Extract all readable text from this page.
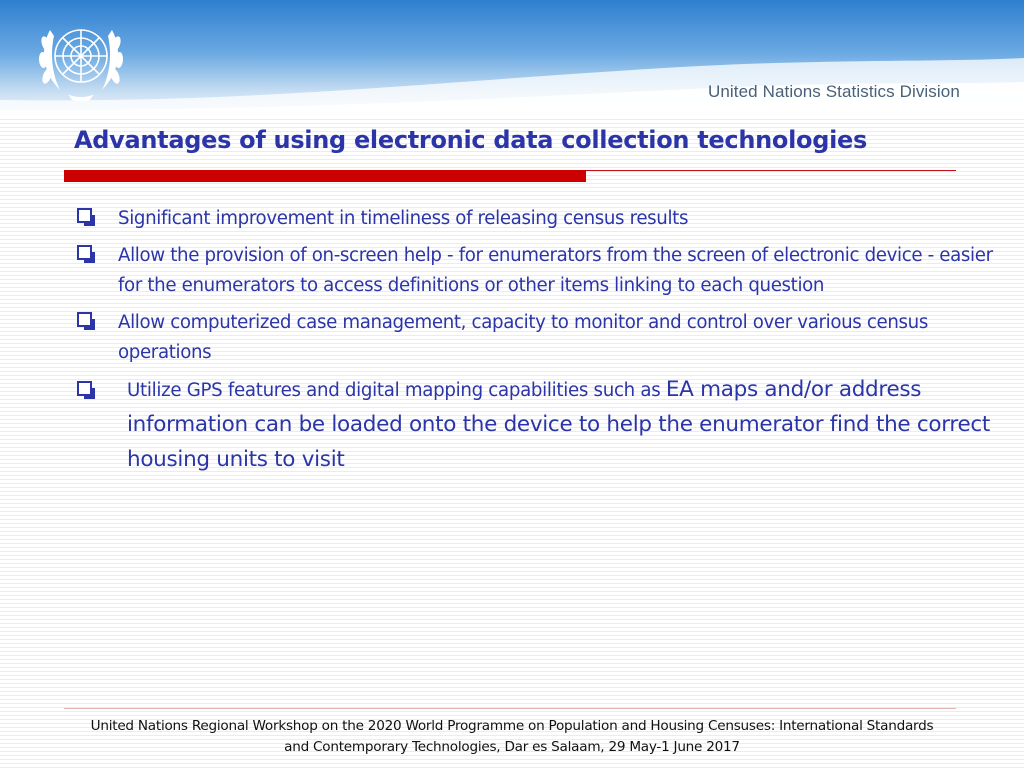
United Nations Statistics Division
Advantages of using electronic data collection technologies
Significant improvement in timeliness of releasing census results
Allow the provision of on-screen help - for enumerators from the screen of electronic device - easier for the enumerators to access definitions or other items linking to each question
Allow computerized case management, capacity to monitor and control over various census operations
Utilize GPS features and digital mapping capabilities such as EA maps and/or address information can be loaded onto the device to help the enumerator find the correct housing units to visit
United Nations Regional Workshop on the 2020 World Programme on Population and Housing Censuses: International Standards
and Contemporary Technologies, Dar es Salaam, 29 May-1 June 2017
